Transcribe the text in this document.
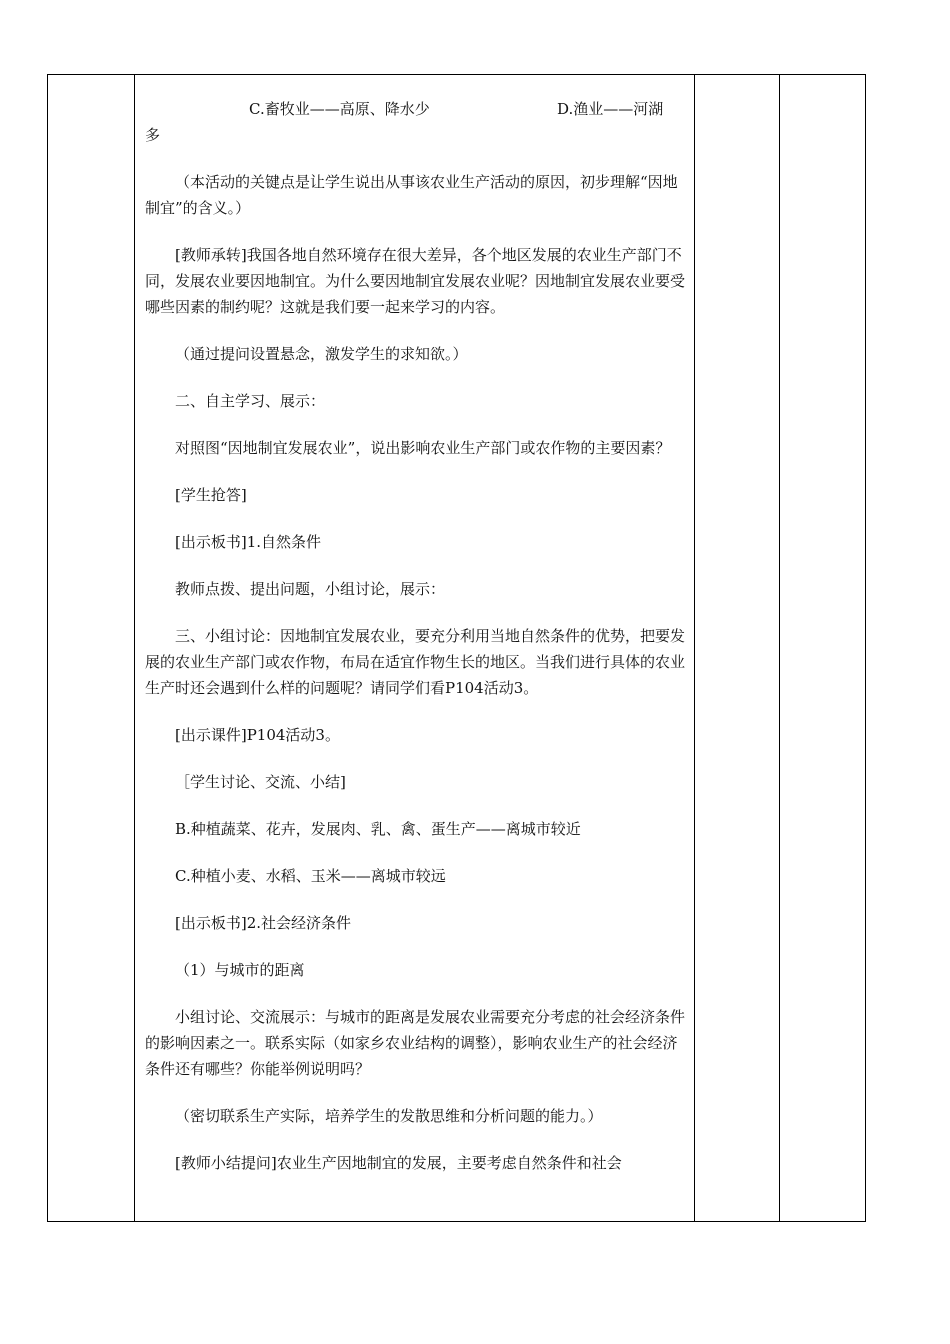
C.畜牧业——高原、降水少	D.渔业——河湖
多

（本活动的关键点是让学生说出从事该农业生产活动的原因，初步理解“因地制宜”的含义。）

[教师承转]我国各地自然环境存在很大差异，各个地区发展的农业生产部门不同，发展农业要因地制宜。为什么要因地制宜发展农业呢？因地制宜发展农业要受哪些因素的制约呢？这就是我们要一起来学习的内容。

（通过提问设置悬念，激发学生的求知欲。）

二、自主学习、展示：

对照图“因地制宜发展农业”，说出影响农业生产部门或农作物的主要因素？

[学生抢答]

[出示板书]1.自然条件

教师点拨、提出问题，小组讨论，展示：

三、小组讨论：因地制宜发展农业，要充分利用当地自然条件的优势，把要发展的农业生产部门或农作物，布局在适宜作物生长的地区。当我们进行具体的农业生产时还会遇到什么样的问题呢？请同学们看P104活动3。

[出示课件]P104活动3。

［学生讨论、交流、小结]

B.种植蔬菜、花卉，发展肉、乳、禽、蛋生产——离城市较近

C.种植小麦、水稻、玉米——离城市较远

[出示板书]2.社会经济条件

（1）与城市的距离

小组讨论、交流展示：与城市的距离是发展农业需要充分考虑的社会经济条件的影响因素之一。联系实际（如家乡农业结构的调整），影响农业生产的社会经济条件还有哪些？你能举例说明吗？

（密切联系生产实际，培养学生的发散思维和分析问题的能力。）

[教师小结提问]农业生产因地制宜的发展，主要考虑自然条件和社会
